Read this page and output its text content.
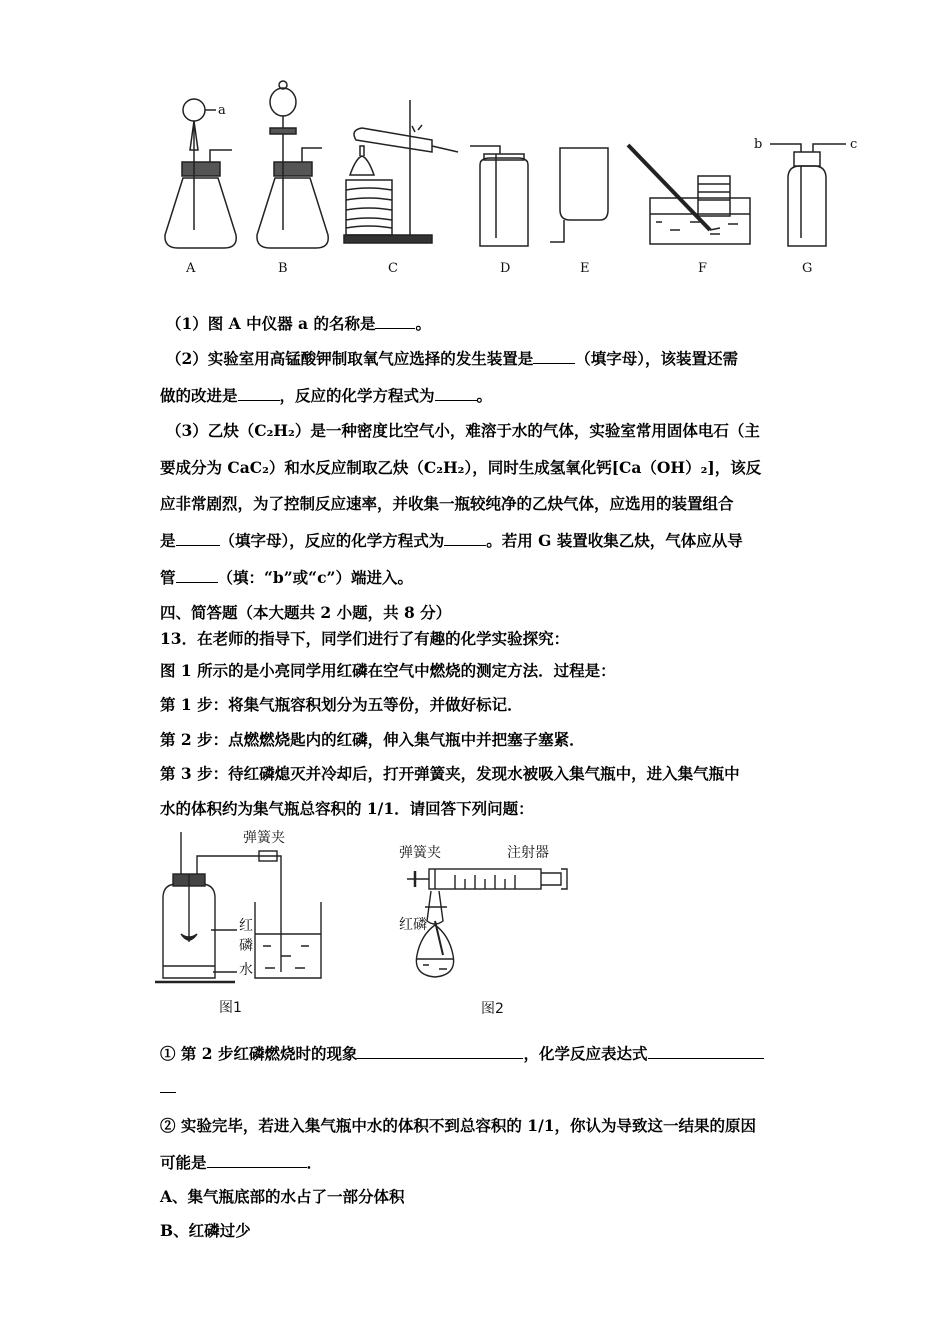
a
b	c
A	B	C	D	E	F	G
（1）图 A 中仪器 a 的名称是	。
（2）实验室用高锰酸钾制取氧气应选择的发生装置是	（填字母），该装置还需
做的改进是	，反应的化学方程式为	。
（3）乙炔（C₂H₂）是一种密度比空气小，难溶于水的气体，实验室常用固体电石（主
要成分为 CaC₂）和水反应制取乙炔（C₂H₂），同时生成氢氧化钙[Ca（OH）₂]，该反
应非常剧烈，为了控制反应速率，并收集一瓶较纯净的乙炔气体，应选用的装置组合
是	（填字母），反应的化学方程式为	。若用 G 装置收集乙炔，气体应从导
管	（填：“b”或“c”）端进入。
四、简答题（本大题共 2 小题，共 8 分）
13．在老师的指导下，同学们进行了有趣的化学实验探究：
图 1 所示的是小亮同学用红磷在空气中燃烧的测定方法．过程是：
第 1 步：将集气瓶容积划分为五等份，并做好标记．
第 2 步：点燃燃烧匙内的红磷，伸入集气瓶中并把塞子塞紧．
第 3 步：待红磷熄灭并冷却后，打开弹簧夹，发现水被吸入集气瓶中，进入集气瓶中
水的体积约为集气瓶总容积的 1/1．请回答下列问题：
弹簧夹
红
磷
水
图1
弹簧夹	注射器
红磷
图2
① 第 2 步红磷燃烧时的现象	，化学反应表达式
② 实验完毕，若进入集气瓶中水的体积不到总容积的 1/1，你认为导致这一结果的原因
可能是	．
A、集气瓶底部的水占了一部分体积
B、红磷过少
